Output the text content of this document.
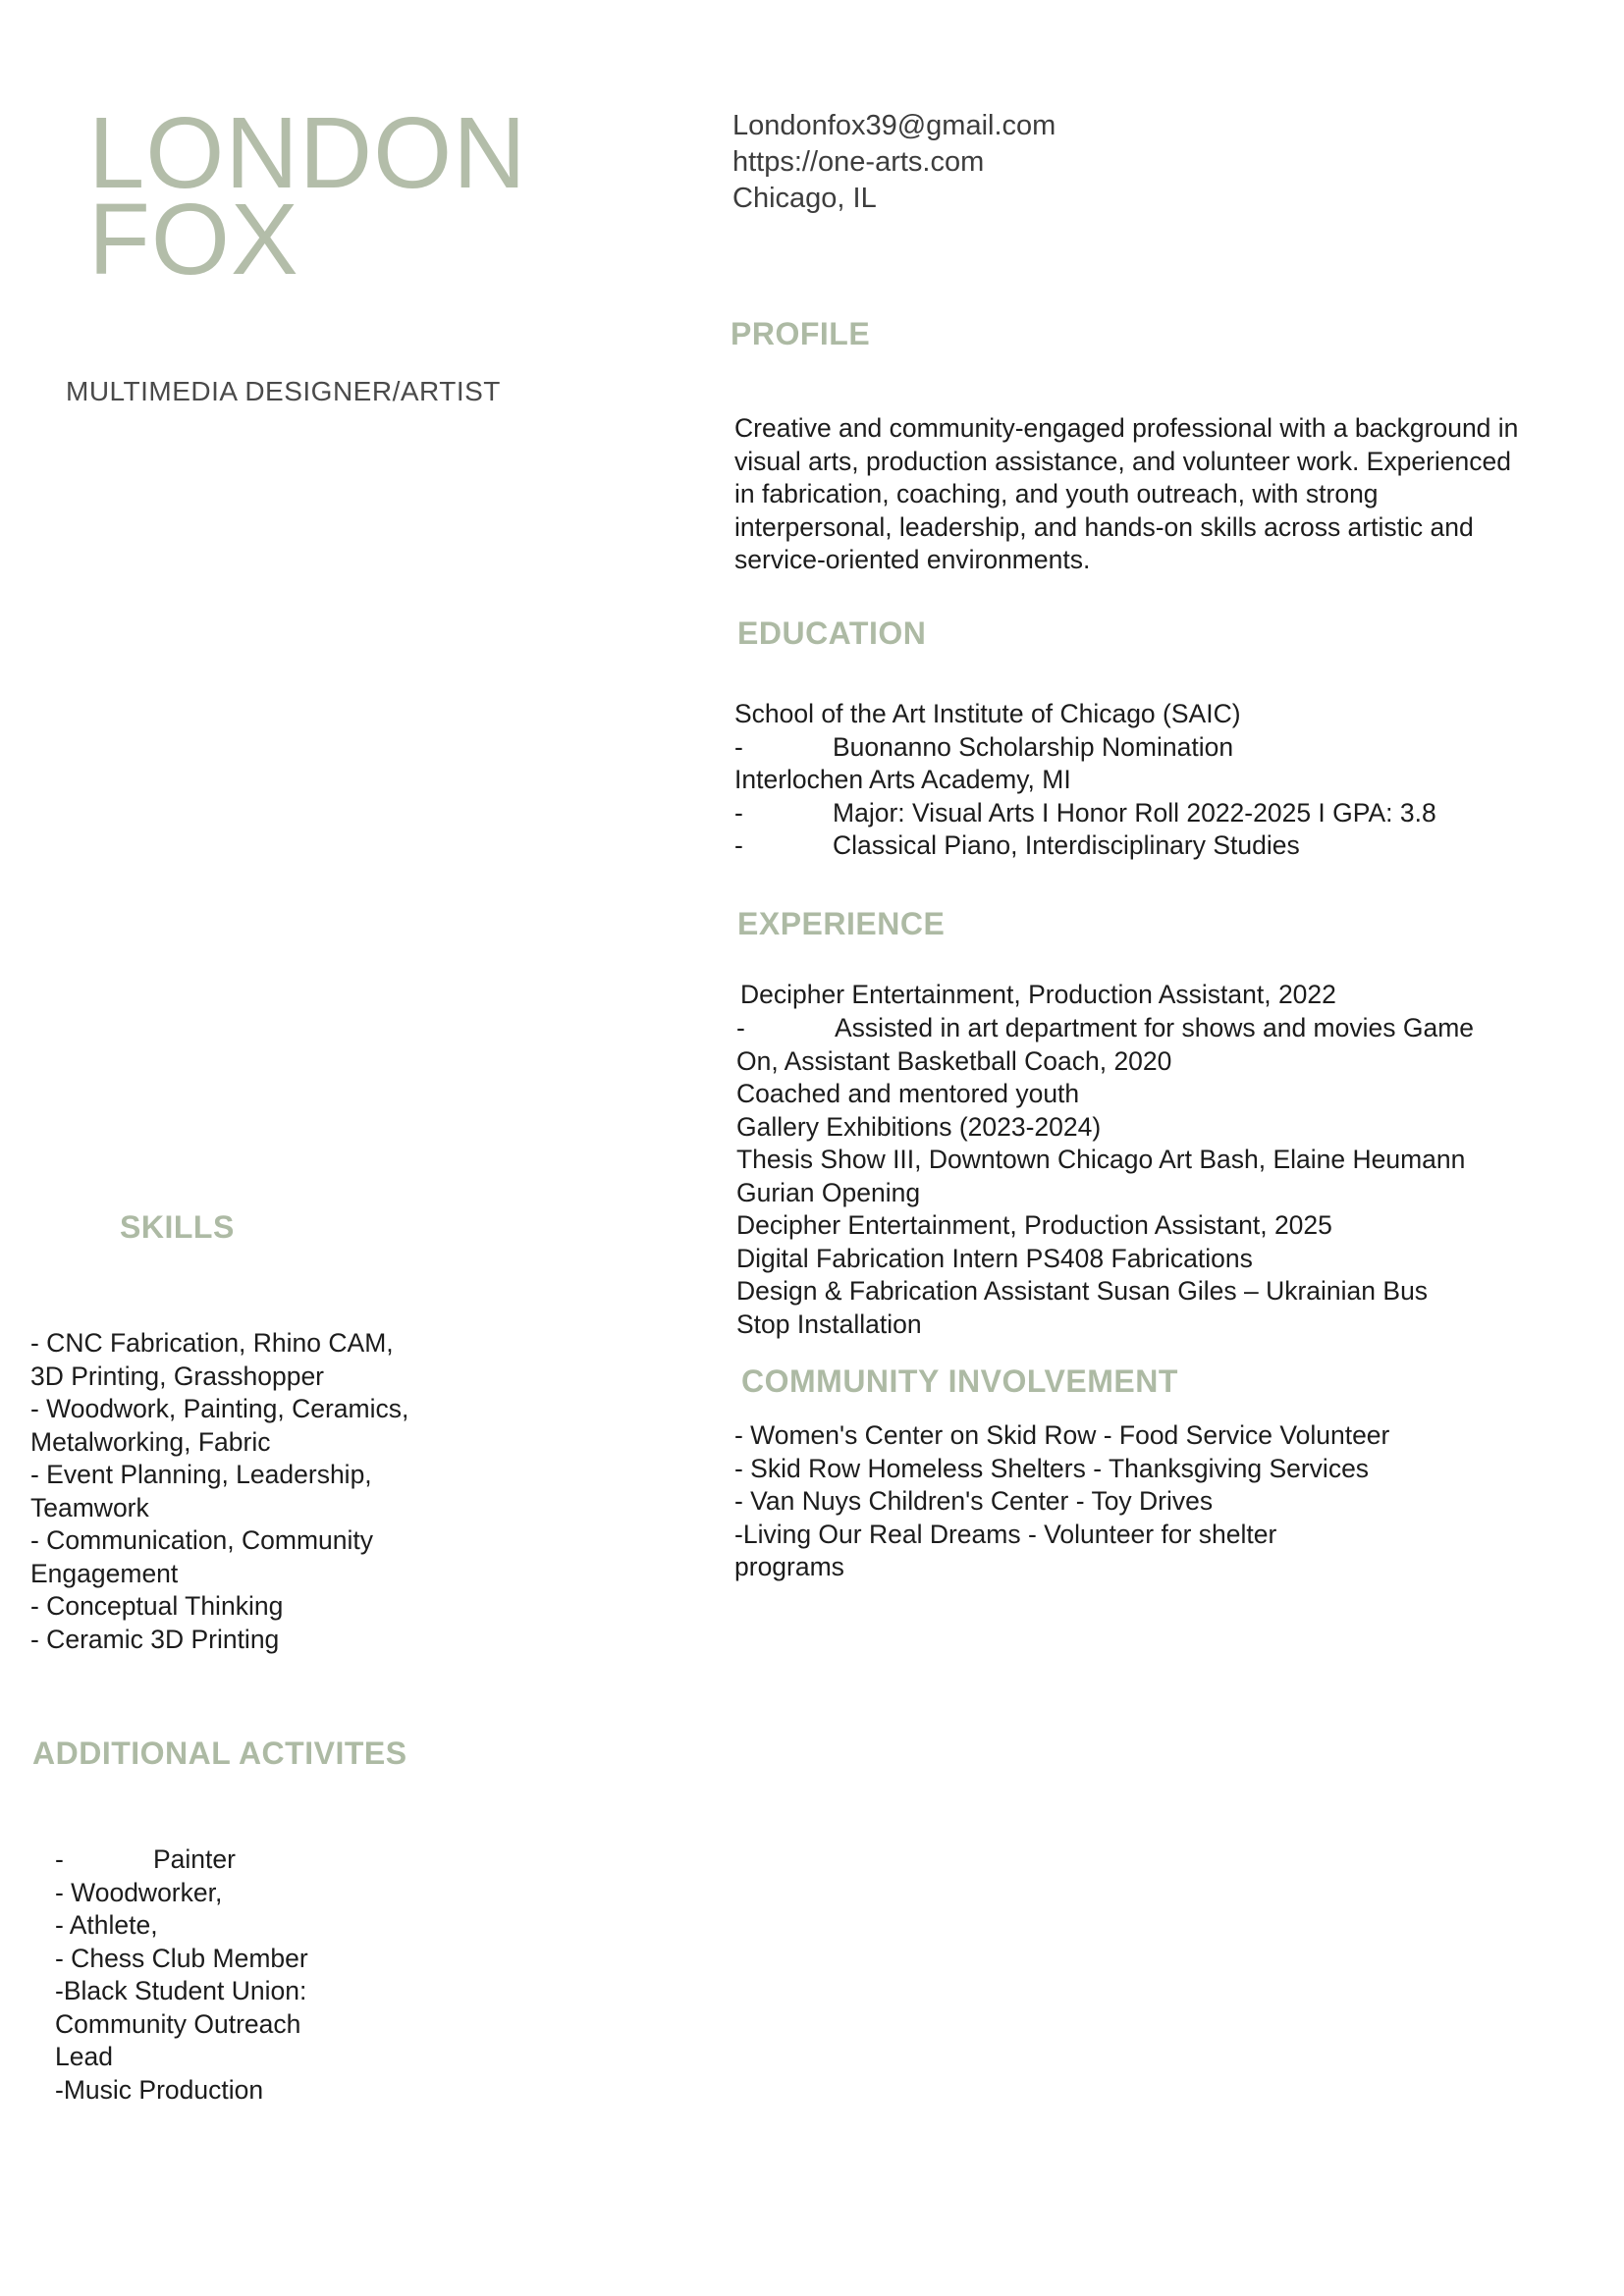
LONDON
FOX
MULTIMEDIA DESIGNER/ARTIST
Londonfox39@gmail.com
https://one-arts.com
Chicago, IL
PROFILE
Creative and community-engaged professional with a background in
visual arts, production assistance, and volunteer work. Experienced
in fabrication, coaching, and youth outreach, with strong
interpersonal, leadership, and hands-on skills across artistic and
service-oriented environments.
EDUCATION
School of the Art Institute of Chicago (SAIC)
-	Buonanno Scholarship Nomination
Interlochen Arts Academy, MI
-	Major: Visual Arts I Honor Roll 2022-2025 I GPA: 3.8
-	Classical Piano, Interdisciplinary Studies
EXPERIENCE
Decipher Entertainment, Production Assistant, 2022
-	Assisted in art department for shows and movies Game
On, Assistant Basketball Coach, 2020
Coached and mentored youth
Gallery Exhibitions (2023-2024)
Thesis Show III, Downtown Chicago Art Bash, Elaine Heumann
Gurian Opening
Decipher Entertainment, Production Assistant, 2025
Digital Fabrication Intern PS408 Fabrications
Design & Fabrication Assistant Susan Giles – Ukrainian Bus
Stop Installation
COMMUNITY INVOLVEMENT
- Women's Center on Skid Row - Food Service Volunteer
- Skid Row Homeless Shelters - Thanksgiving Services
- Van Nuys Children's Center - Toy Drives
-Living Our Real Dreams - Volunteer for shelter
programs
SKILLS
- CNC Fabrication, Rhino CAM,
3D Printing, Grasshopper
- Woodwork, Painting, Ceramics,
Metalworking, Fabric
- Event Planning, Leadership,
Teamwork
- Communication, Community
Engagement
- Conceptual Thinking
- Ceramic 3D Printing
ADDITIONAL ACTIVITES
-	Painter
- Woodworker,
- Athlete,
- Chess Club Member
-Black Student Union:
Community Outreach
Lead
-Music Production
